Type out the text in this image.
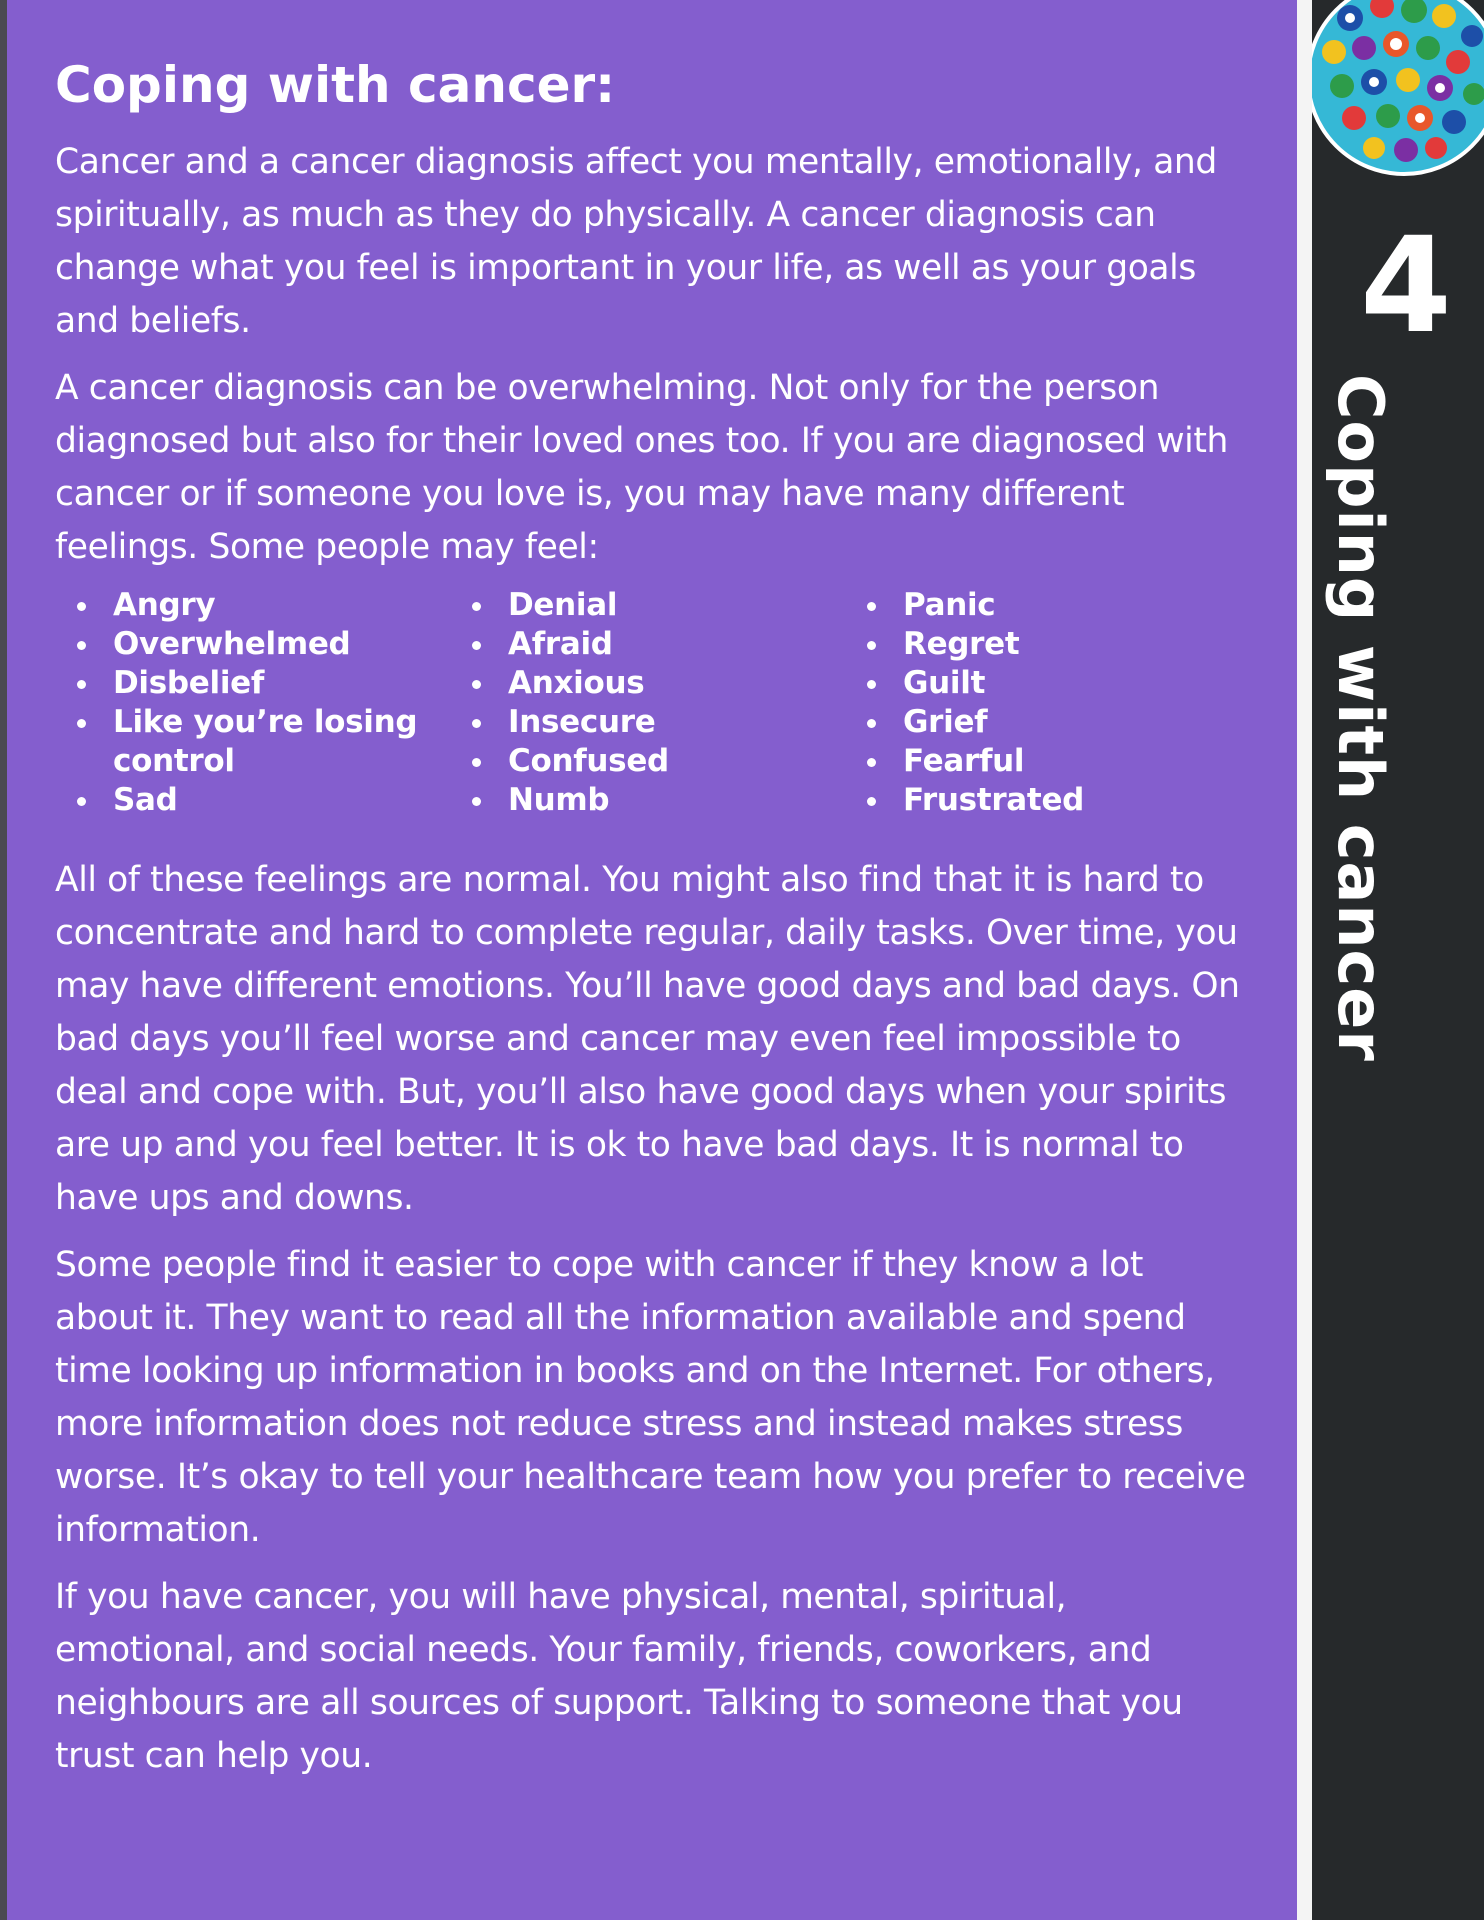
Coping with cancer:

Cancer and a cancer diagnosis affect you mentally, emotionally, and spiritually, as much as they do physically. A cancer diagnosis can change what you feel is important in your life, as well as your goals and beliefs.

A cancer diagnosis can be overwhelming. Not only for the person diagnosed but also for their loved ones too. If you are diagnosed with cancer or if someone you love is, you may have many different feelings. Some people may feel:

Angry
Overwhelmed
Disbelief
Like you’re losing control
Sad
Denial
Afraid
Anxious
Insecure
Confused
Numb
Panic
Regret
Guilt
Grief
Fearful
Frustrated

All of these feelings are normal. You might also find that it is hard to concentrate and hard to complete regular, daily tasks. Over time, you may have different emotions. You’ll have good days and bad days. On bad days you’ll feel worse and cancer may even feel impossible to deal and cope with. But, you’ll also have good days when your spirits are up and you feel better. It is ok to have bad days. It is normal to have ups and downs.

Some people find it easier to cope with cancer if they know a lot about it. They want to read all the information available and spend time looking up information in books and on the Internet. For others, more information does not reduce stress and instead makes stress worse. It’s okay to tell your healthcare team how you prefer to receive information.

If you have cancer, you will have physical, mental, spiritual, emotional, and social needs. Your family, friends, coworkers, and neighbours are all sources of support. Talking to someone that you trust can help you.

4
Coping with cancer
